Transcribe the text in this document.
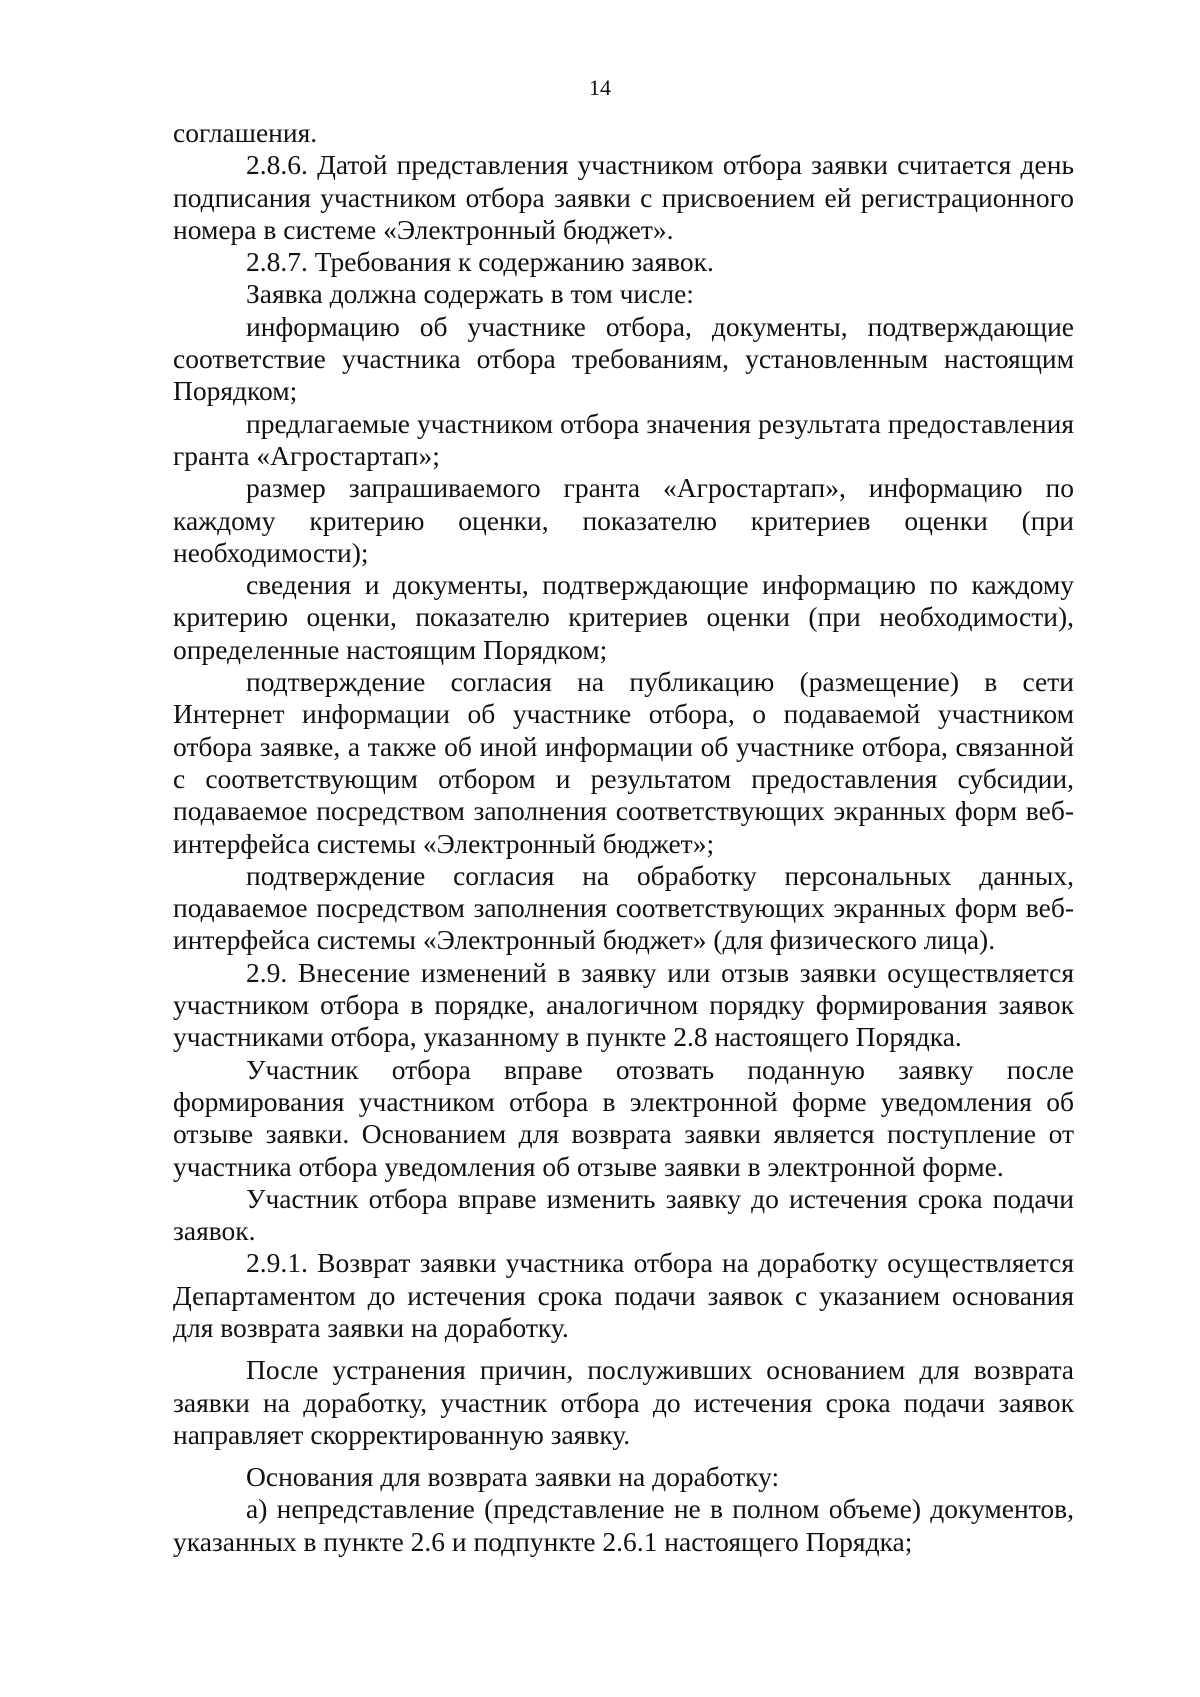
14

соглашения.

2.8.6. Датой представления участником отбора заявки считается день подписания участником отбора заявки с присвоением ей регистрационного номера в системе «Электронный бюджет».

2.8.7. Требования к содержанию заявок.

Заявка должна содержать в том числе:

информацию об участнике отбора, документы, подтверждающие соответствие участника отбора требованиям, установленным настоящим Порядком;

предлагаемые участником отбора значения результата предоставления гранта «Агростартап»;

размер запрашиваемого гранта «Агростартап», информацию по каждому критерию оценки, показателю критериев оценки (при необходимости);

сведения и документы, подтверждающие информацию по каждому критерию оценки, показателю критериев оценки (при необходимости), определенные настоящим Порядком;

подтверждение согласия на публикацию (размещение) в сети Интернет информации об участнике отбора, о подаваемой участником отбора заявке, а также об иной информации об участнике отбора, связанной с соответствующим отбором и результатом предоставления субсидии, подаваемое посредством заполнения соответствующих экранных форм веб-интерфейса системы «Электронный бюджет»;

подтверждение согласия на обработку персональных данных, подаваемое посредством заполнения соответствующих экранных форм веб-интерфейса системы «Электронный бюджет» (для физического лица).

2.9. Внесение изменений в заявку или отзыв заявки осуществляется участником отбора в порядке, аналогичном порядку формирования заявок участниками отбора, указанному в пункте 2.8 настоящего Порядка.

Участник отбора вправе отозвать поданную заявку после формирования участником отбора в электронной форме уведомления об отзыве заявки. Основанием для возврата заявки является поступление от участника отбора уведомления об отзыве заявки в электронной форме.

Участник отбора вправе изменить заявку до истечения срока подачи заявок.

2.9.1. Возврат заявки участника отбора на доработку осуществляется Департаментом до истечения срока подачи заявок с указанием основания для возврата заявки на доработку.

После устранения причин, послуживших основанием для возврата заявки на доработку, участник отбора до истечения срока подачи заявок направляет скорректированную заявку.

Основания для возврата заявки на доработку:

а) непредставление (представление не в полном объеме) документов, указанных в пункте 2.6 и подпункте 2.6.1 настоящего Порядка;
